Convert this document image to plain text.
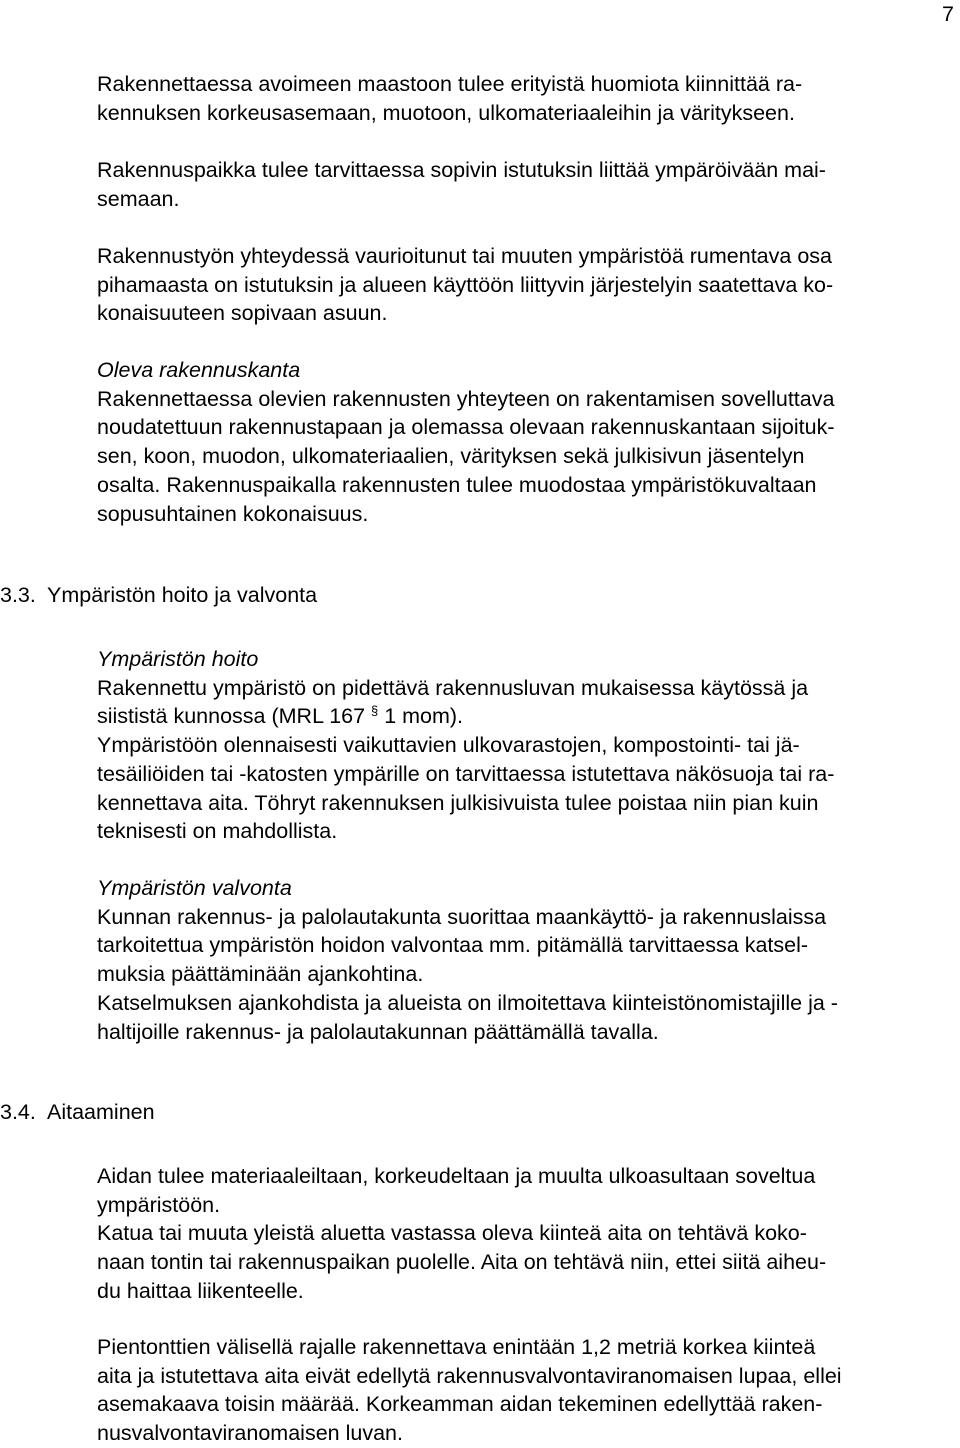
7
Rakennettaessa avoimeen maastoon tulee erityistä huomiota kiinnittää ra-
kennuksen korkeusasemaan, muotoon, ulkomateriaaleihin ja väritykseen.
Rakennuspaikka tulee tarvittaessa sopivin istutuksin liittää ympäröivään mai-
semaan.
Rakennustyön yhteydessä vaurioitunut tai muuten ympäristöä rumentava osa
pihamaasta on istutuksin ja alueen käyttöön liittyvin järjestelyin saatettava ko-
konaisuuteen sopivaan asuun.
Oleva rakennuskanta
Rakennettaessa olevien rakennusten yhteyteen on rakentamisen sovelluttava
noudatettuun rakennustapaan ja olemassa olevaan rakennuskantaan sijoituk-
sen, koon, muodon, ulkomateriaalien, värityksen sekä julkisivun jäsentelyn
osalta. Rakennuspaikalla rakennusten tulee muodostaa ympäristökuvaltaan
sopusuhtainen kokonaisuus.
3.3. Ympäristön hoito ja valvonta
Ympäristön hoito
Rakennettu ympäristö on pidettävä rakennusluvan mukaisessa käytössä ja
siististä kunnossa (MRL 167 § 1 mom).
Ympäristöön olennaisesti vaikuttavien ulkovarastojen, kompostointi- tai jä-
tesäiliöiden tai -katosten ympärille on tarvittaessa istutettava näkösuoja tai ra-
kennettava aita. Töhryt rakennuksen julkisivuista tulee poistaa niin pian kuin
teknisesti on mahdollista.
Ympäristön valvonta
Kunnan rakennus- ja palolautakunta suorittaa maankäyttö- ja rakennuslaissa
tarkoitettua ympäristön hoidon valvontaa mm. pitämällä tarvittaessa katsel-
muksia päättäminään ajankohtina.
Katselmuksen ajankohdista ja alueista on ilmoitettava kiinteistönomistajille ja -
haltijoille rakennus- ja palolautakunnan päättämällä tavalla.
3.4. Aitaaminen
Aidan tulee materiaaleiltaan, korkeudeltaan ja muulta ulkoasultaan soveltua
ympäristöön.
Katua tai muuta yleistä aluetta vastassa oleva kiinteä aita on tehtävä koko-
naan tontin tai rakennuspaikan puolelle. Aita on tehtävä niin, ettei siitä aiheu-
du haittaa liikenteelle.
Pientonttien välisellä rajalle rakennettava enintään 1,2 metriä korkea kiinteä
aita ja istutettava aita eivät edellytä rakennusvalvontaviranomaisen lupaa, ellei
asemakaava toisin määrää. Korkeamman aidan tekeminen edellyttää raken-
nusvalvontaviranomaisen luvan.
